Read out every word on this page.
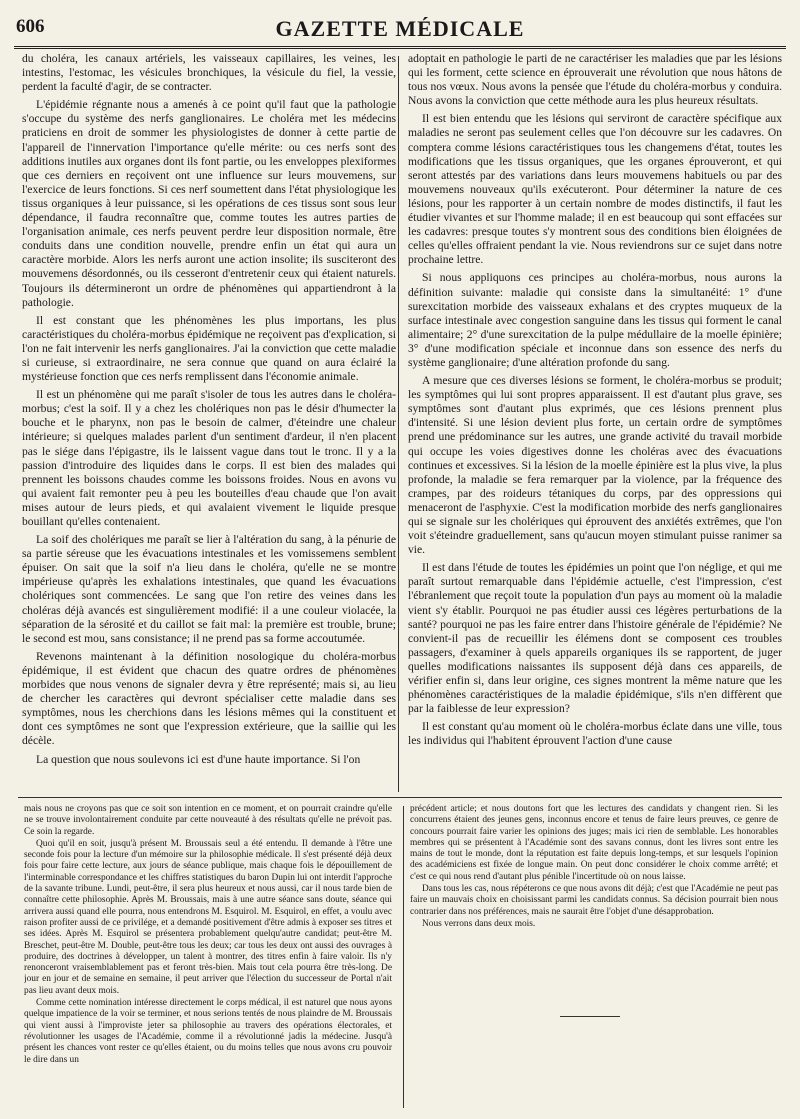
606	GAZETTE MÉDICALE

du choléra, les canaux artériels, les vaisseaux capillaires, les veines, les intestins, l'estomac, les vésicules bronchiques, la vésicule du fiel, la vessie, perdent la faculté d'agir, de se contracter.

L'épidémie régnante nous a amenés à ce point qu'il faut que la pathologie s'occupe du système des nerfs ganglionaires. Le choléra met les médecins praticiens en droit de sommer les physiologistes de donner à cette partie de l'appareil de l'innervation l'importance qu'elle mérite: ou ces nerfs sont des additions inutiles aux organes dont ils font partie, ou les enveloppes plexiformes que ces derniers en reçoivent ont une influence sur leurs mouvemens, sur l'exercice de leurs fonctions. Si ces nerf soumettent dans l'état physiologique les tissus organiques à leur puissance, si les opérations de ces tissus sont sous leur dépendance, il faudra reconnaître que, comme toutes les autres parties de l'organisation animale, ces nerfs peuvent perdre leur disposition normale, être conduits dans une condition nouvelle, prendre enfin un état qui aura un caractère morbide. Alors les nerfs auront une action insolite; ils susciteront des mouvemens désordonnés, ou ils cesseront d'entretenir ceux qui étaient naturels. Toujours ils détermineront un ordre de phénomènes qui appartiendront à la pathologie.

Il est constant que les phénomènes les plus importans, les plus caractéristiques du choléra-morbus épidémique ne reçoivent pas d'explication, si l'on ne fait intervenir les nerfs ganglionaires. J'ai la conviction que cette maladie si curieuse, si extraordinaire, ne sera connue que quand on aura éclairé la mystérieuse fonction que ces nerfs remplissent dans l'économie animale.

Il est un phénomène qui me paraît s'isoler de tous les autres dans le choléra-morbus; c'est la soif. Il y a chez les cholériques non pas le désir d'humecter la bouche et le pharynx, non pas le besoin de calmer, d'éteindre une chaleur intérieure; si quelques malades parlent d'un sentiment d'ardeur, il n'en placent pas le siége dans l'épigastre, ils le laissent vague dans tout le tronc. Il y a la passion d'introduire des liquides dans le corps. Il est bien des malades qui prennent les boissons chaudes comme les boissons froides. Nous en avons vu qui avaient fait remonter peu à peu les bouteilles d'eau chaude que l'on avait mises autour de leurs pieds, et qui avalaient vivement le liquide presque bouillant qu'elles contenaient.

La soif des cholériques me paraît se lier à l'altération du sang, à la pénurie de sa partie séreuse que les évacuations intestinales et les vomissemens semblent épuiser. On sait que la soif n'a lieu dans le choléra, qu'elle ne se montre impérieuse qu'après les exhalations intestinales, que quand les évacuations cholériques sont commencées. Le sang que l'on retire des veines dans les choléras déjà avancés est singulièrement modifié: il a une couleur violacée, la séparation de la sérosité et du caillot se fait mal: la première est trouble, brune; le second est mou, sans consistance; il ne prend pas sa forme accoutumée.

Revenons maintenant à la définition nosologique du choléra-morbus épidémique, il est évident que chacun des quatre ordres de phénomènes morbides que nous venons de signaler devra y être représenté; mais si, au lieu de chercher les caractères qui devront spécialiser cette maladie dans ses symptômes, nous les cherchions dans les lésions mêmes qui la constituent et dont ces symptômes ne sont que l'expression extérieure, que la saillie qui les décèle.

La question que nous soulevons ici est d'une haute importance. Si l'on

adoptait en pathologie le parti de ne caractériser les maladies que par les lésions qui les forment, cette science en éprouverait une révolution que nous hâtons de tous nos vœux. Nous avons la pensée que l'étude du choléra-morbus y conduira. Nous avons la conviction que cette méthode aura les plus heureux résultats.

Il est bien entendu que les lésions qui serviront de caractère spécifique aux maladies ne seront pas seulement celles que l'on découvre sur les cadavres. On comptera comme lésions caractéristiques tous les changemens d'état, toutes les modifications que les tissus organiques, que les organes éprouveront, et qui seront attestés par des variations dans leurs mouvemens habituels ou par des mouvemens nouveaux qu'ils exécuteront. Pour déterminer la nature de ces lésions, pour les rapporter à un certain nombre de modes distinctifs, il faut les étudier vivantes et sur l'homme malade; il en est beaucoup qui sont effacées sur les cadavres: presque toutes s'y montrent sous des conditions bien éloignées de celles qu'elles offraient pendant la vie. Nous reviendrons sur ce sujet dans notre prochaine lettre.

Si nous appliquons ces principes au choléra-morbus, nous aurons la définition suivante: maladie qui consiste dans la simultanéité: 1° d'une surexcitation morbide des vaisseaux exhalans et des cryptes muqueux de la surface intestinale avec congestion sanguine dans les tissus qui forment le canal alimentaire; 2° d'une surexcitation de la pulpe médullaire de la moelle épinière; 3° d'une modification spéciale et inconnue dans son essence des nerfs du système ganglionaire; d'une altération profonde du sang.

A mesure que ces diverses lésions se forment, le choléra-morbus se produit; les symptômes qui lui sont propres apparaissent. Il est d'autant plus grave, ses symptômes sont d'autant plus exprimés, que ces lésions prennent plus d'intensité. Si une lésion devient plus forte, un certain ordre de symptômes prend une prédominance sur les autres, une grande activité du travail morbide qui occupe les voies digestives donne les choléras avec des évacuations continues et excessives. Si la lésion de la moelle épinière est la plus vive, la plus profonde, la maladie se fera remarquer par la violence, par la fréquence des crampes, par des roideurs tétaniques du corps, par des oppressions qui menaceront de l'asphyxie. C'est la modification morbide des nerfs ganglionaires qui se signale sur les cholériques qui éprouvent des anxiétés extrêmes, que l'on voit s'éteindre graduellement, sans qu'aucun moyen stimulant puisse ranimer sa vie.

Il est dans l'étude de toutes les épidémies un point que l'on néglige, et qui me paraît surtout remarquable dans l'épidémie actuelle, c'est l'impression, c'est l'ébranlement que reçoit toute la population d'un pays au moment où la maladie vient s'y établir. Pourquoi ne pas étudier aussi ces légères perturbations de la santé? pourquoi ne pas les faire entrer dans l'histoire générale de l'épidémie? Ne convient-il pas de recueillir les élémens dont se composent ces troubles passagers, d'examiner à quels appareils organiques ils se rapportent, de juger quelles modifications naissantes ils supposent déjà dans ces appareils, de vérifier enfin si, dans leur origine, ces signes montrent la même nature que les phénomènes caractéristiques de la maladie épidémique, s'ils n'en diffèrent que par la faiblesse de leur expression?

Il est constant qu'au moment où le choléra-morbus éclate dans une ville, tous les individus qui l'habitent éprouvent l'action d'une cause

mais nous ne croyons pas que ce soit son intention en ce moment, et on pourrait craindre qu'elle ne se trouve involontairement conduite par cette nouveauté à des résultats qu'elle ne prévoit pas. Ce soin la regarde.

Quoi qu'il en soit, jusqu'à présent M. Broussais seul a été entendu. Il demande à l'être une seconde fois pour la lecture d'un mémoire sur la philosophie médicale. Il s'est présenté déjà deux fois pour faire cette lecture, aux jours de séance publique, mais chaque fois le dépouillement de l'interminable correspondance et les chiffres statistiques du baron Dupin lui ont interdit l'approche de la savante tribune. Lundi, peut-être, il sera plus heureux et nous aussi, car il nous tarde bien de connaître cette philosophie. Après M. Broussais, mais à une autre séance sans doute, séance qui arrivera aussi quand elle pourra, nous entendrons M. Esquirol. M. Esquirol, en effet, a voulu avec raison profiter aussi de ce privilége, et a demandé positivement d'être admis à exposer ses titres et ses idées. Après M. Esquirol se présentera probablement quelqu'autre candidat; peut-être M. Breschet, peut-être M. Double, peut-être tous les deux; car tous les deux ont aussi des ouvrages à produire, des doctrines à développer, un talent à montrer, des titres enfin à faire valoir. Ils n'y renonceront vraisemblablement pas et feront très-bien. Mais tout cela pourra être très-long. De jour en jour et de semaine en semaine, il peut arriver que l'élection du successeur de Portal n'ait pas lieu avant deux mois.

Comme cette nomination intéresse directement le corps médical, il est naturel que nous ayons quelque impatience de la voir se terminer, et nous serions tentés de nous plaindre de M. Broussais qui vient aussi à l'improviste jeter sa philosophie au travers des opérations électorales, et révolutionner les usages de l'Académie, comme il a révolutionné jadis la médecine. Jusqu'à présent les chances vont rester ce qu'elles étaient, ou du moins telles que nous avons cru pouvoir le dire dans un

précédent article; et nous doutons fort que les lectures des candidats y changent rien. Si les concurrens étaient des jeunes gens, inconnus encore et tenus de faire leurs preuves, ce genre de concours pourrait faire varier les opinions des juges; mais ici rien de semblable. Les honorables membres qui se présentent à l'Académie sont des savans connus, dont les livres sont entre les mains de tout le monde, dont la réputation est faite depuis long-temps, et sur lesquels l'opinion des académiciens est fixée de longue main. On peut donc considérer le choix comme arrêté; et c'est ce qui nous rend d'autant plus pénible l'incertitude où on nous laisse.

Dans tous les cas, nous répéterons ce que nous avons dit déjà; c'est que l'Académie ne peut pas faire un mauvais choix en choisissant parmi les candidats connus. Sa décision pourrait bien nous contrarier dans nos préférences, mais ne saurait être l'objet d'une désapprobation.

Nous verrons dans deux mois.
